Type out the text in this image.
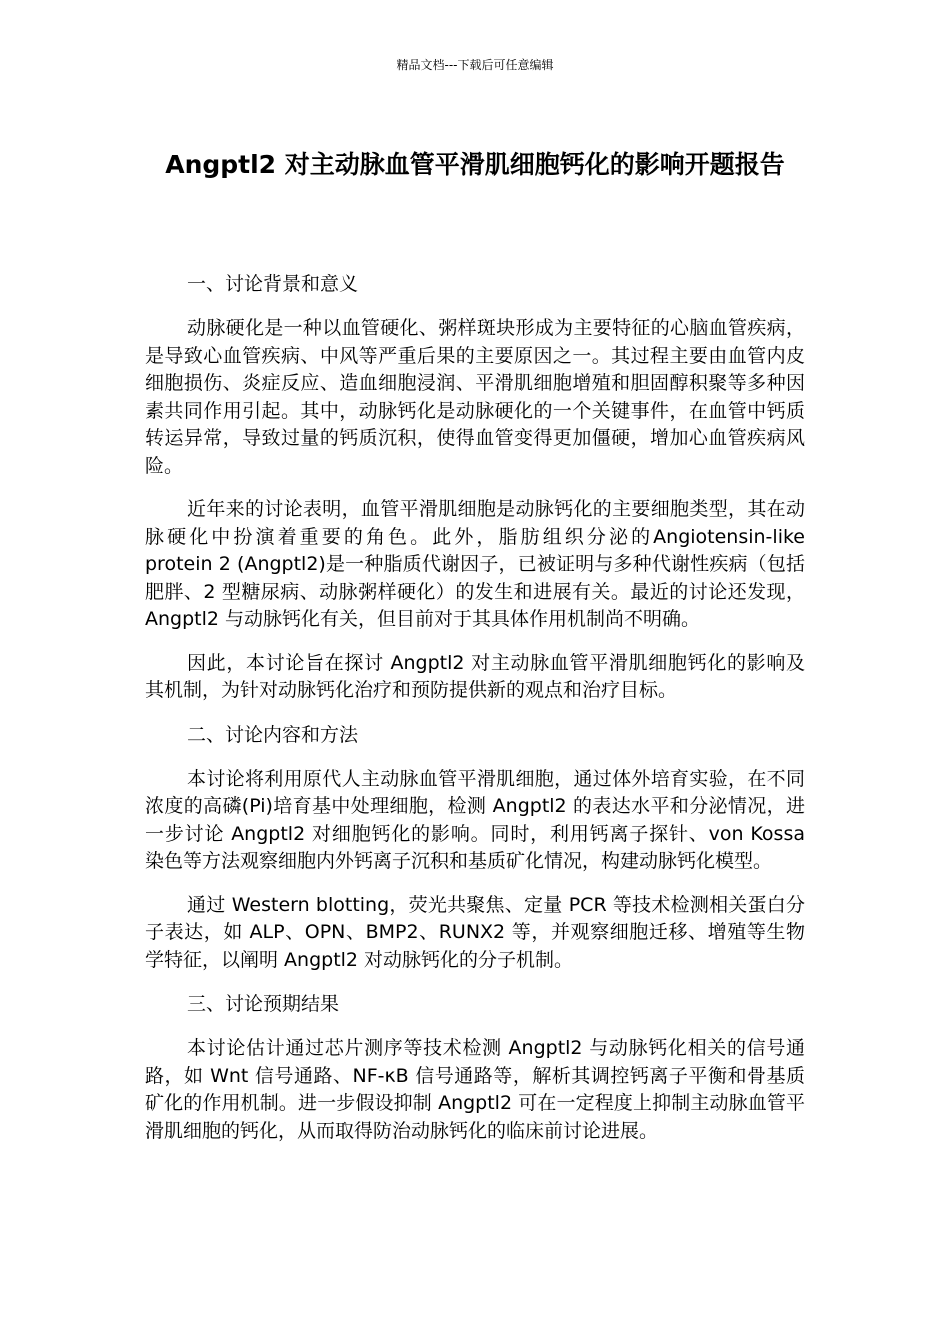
精品文档---下载后可任意编辑
Angptl2 对主动脉血管平滑肌细胞钙化的影响开题报告

一、讨论背景和意义

动脉硬化是一种以血管硬化、粥样斑块形成为主要特征的心脑血管疾病，是导致心血管疾病、中风等严重后果的主要原因之一。其过程主要由血管内皮细胞损伤、炎症反应、造血细胞浸润、平滑肌细胞增殖和胆固醇积聚等多种因素共同作用引起。其中，动脉钙化是动脉硬化的一个关键事件，在血管中钙质转运异常，导致过量的钙质沉积，使得血管变得更加僵硬，增加心血管疾病风险。

近年来的讨论表明，血管平滑肌细胞是动脉钙化的主要细胞类型，其在动脉硬化中扮演着重要的角色。此外，脂肪组织分泌的Angiotensin-like protein 2 (Angptl2)是一种脂质代谢因子，已被证明与多种代谢性疾病（包括肥胖、2 型糖尿病、动脉粥样硬化）的发生和进展有关。最近的讨论还发现，Angptl2 与动脉钙化有关，但目前对于其具体作用机制尚不明确。

因此，本讨论旨在探讨 Angptl2 对主动脉血管平滑肌细胞钙化的影响及其机制，为针对动脉钙化治疗和预防提供新的观点和治疗目标。

二、讨论内容和方法

本讨论将利用原代人主动脉血管平滑肌细胞，通过体外培育实验，在不同浓度的高磷(Pi)培育基中处理细胞，检测 Angptl2 的表达水平和分泌情况，进一步讨论 Angptl2 对细胞钙化的影响。同时，利用钙离子探针、von Kossa 染色等方法观察细胞内外钙离子沉积和基质矿化情况，构建动脉钙化模型。

通过 Western blotting，荧光共聚焦、定量 PCR 等技术检测相关蛋白分子表达，如 ALP、OPN、BMP2、RUNX2 等，并观察细胞迁移、增殖等生物学特征，以阐明 Angptl2 对动脉钙化的分子机制。

三、讨论预期结果

本讨论估计通过芯片测序等技术检测 Angptl2 与动脉钙化相关的信号通路，如 Wnt 信号通路、NF-κB 信号通路等，解析其调控钙离子平衡和骨基质矿化的作用机制。进一步假设抑制 Angptl2 可在一定程度上抑制主动脉血管平滑肌细胞的钙化，从而取得防治动脉钙化的临床前讨论进展。
